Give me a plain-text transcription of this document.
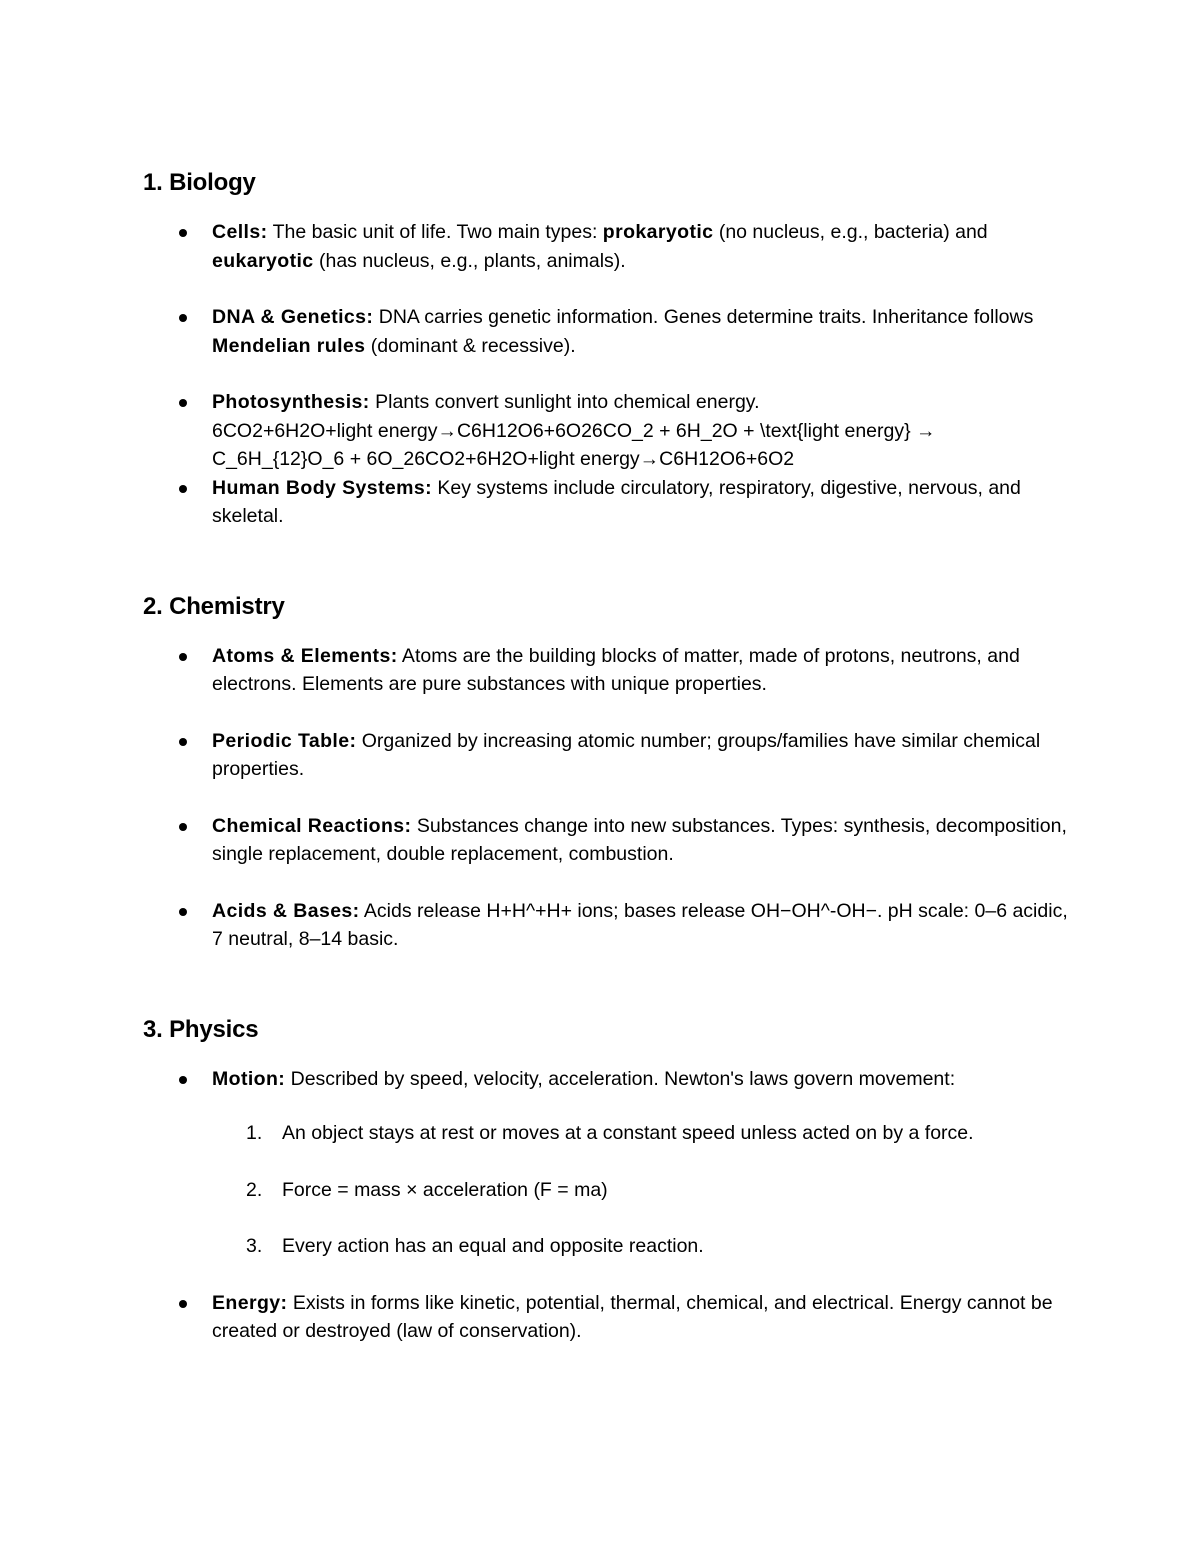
1. Biology
Cells: The basic unit of life. Two main types: prokaryotic (no nucleus, e.g., bacteria) and eukaryotic (has nucleus, e.g., plants, animals).
DNA & Genetics: DNA carries genetic information. Genes determine traits. Inheritance follows Mendelian rules (dominant & recessive).
Photosynthesis: Plants convert sunlight into chemical energy.
6CO2+6H2O+light energy→C6H12O6+6O26CO_2 + 6H_2O + \text{light energy} →
C_6H_{12}O_6 + 6O_26CO2+6H2O+light energy→C6H12O6+6O2
Human Body Systems: Key systems include circulatory, respiratory, digestive, nervous, and skeletal.
2. Chemistry
Atoms & Elements: Atoms are the building blocks of matter, made of protons, neutrons, and electrons. Elements are pure substances with unique properties.
Periodic Table: Organized by increasing atomic number; groups/families have similar chemical properties.
Chemical Reactions: Substances change into new substances. Types: synthesis, decomposition, single replacement, double replacement, combustion.
Acids & Bases: Acids release H+H^+H+ ions; bases release OH−OH^-OH−. pH scale: 0–6 acidic, 7 neutral, 8–14 basic.
3. Physics
Motion: Described by speed, velocity, acceleration. Newton's laws govern movement:
1. An object stays at rest or moves at a constant speed unless acted on by a force.
2. Force = mass × acceleration (F = ma)
3. Every action has an equal and opposite reaction.
Energy: Exists in forms like kinetic, potential, thermal, chemical, and electrical. Energy cannot be created or destroyed (law of conservation).
